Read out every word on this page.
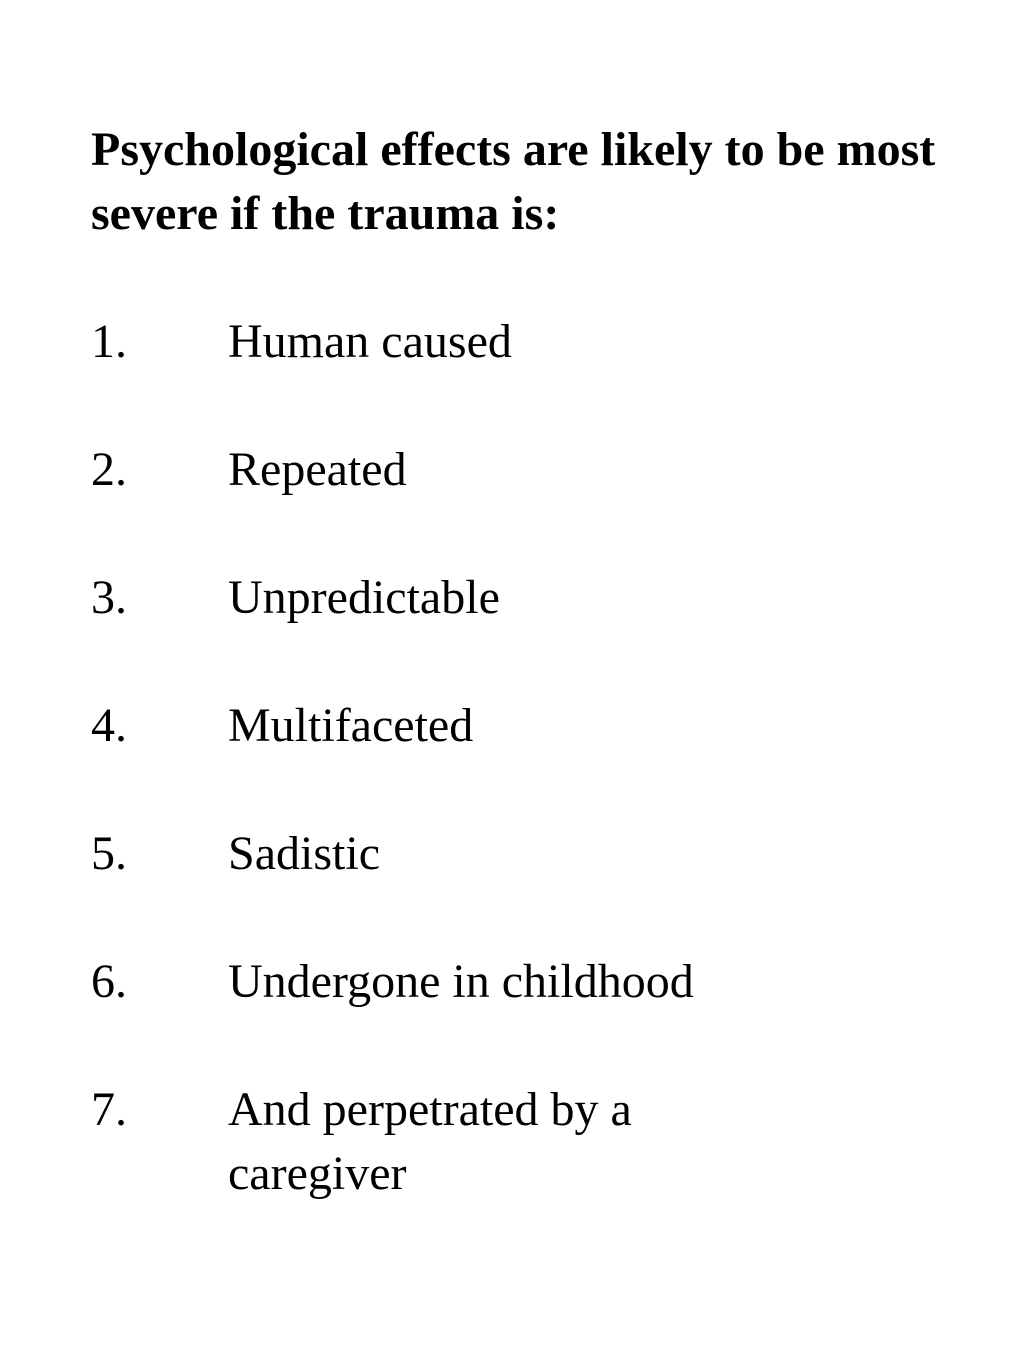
Psychological effects are likely to be most severe if the trauma is:
1.	Human caused
2.	Repeated
3.	Unpredictable
4.	Multifaceted
5.	Sadistic
6.	Undergone in childhood
7.	And perpetrated by a caregiver
